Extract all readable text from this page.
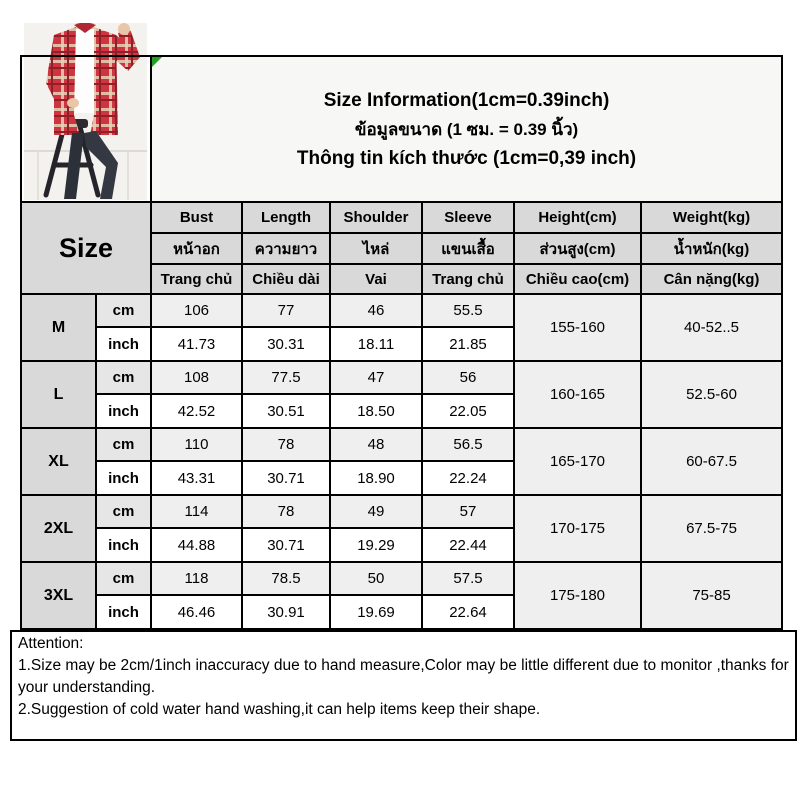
		Size Information(1cm=0.39inch)
ข้อมูลขนาด (1 ซม. = 0.39 นิ้ว)
Thông tin kích thước (1cm=0,39 inch)					

Size		Bust	Length	Shoulder	Sleeve	Height(cm)	Weight(kg)
		หน้าอก	ความยาว	ไหล่	แขนเสื้อ	ส่วนสูง(cm)	น้ำหนัก(kg)
		Trang chủ	Chiều dài	Vai	Trang chủ	Chiều cao(cm)	Cân nặng(kg)
M	cm	106	77	46	55.5	155-160	40-52..5
	inch	41.73	30.31	18.11	21.85		
L	cm	108	77.5	47	56	160-165	52.5-60
	inch	42.52	30.51	18.50	22.05		
XL	cm	110	78	48	56.5	165-170	60-67.5
	inch	43.31	30.71	18.90	22.24		
2XL	cm	114	78	49	57	170-175	67.5-75
	inch	44.88	30.71	19.29	22.44		
3XL	cm	118	78.5	50	57.5	175-180	75-85
	inch	46.46	30.91	19.69	22.64		
Attention:
1.Size may be 2cm/1inch inaccuracy due to hand measure,Color may be little different due to monitor ,thanks for your understanding.
2.Suggestion of cold water hand washing,it can help items keep their shape.
